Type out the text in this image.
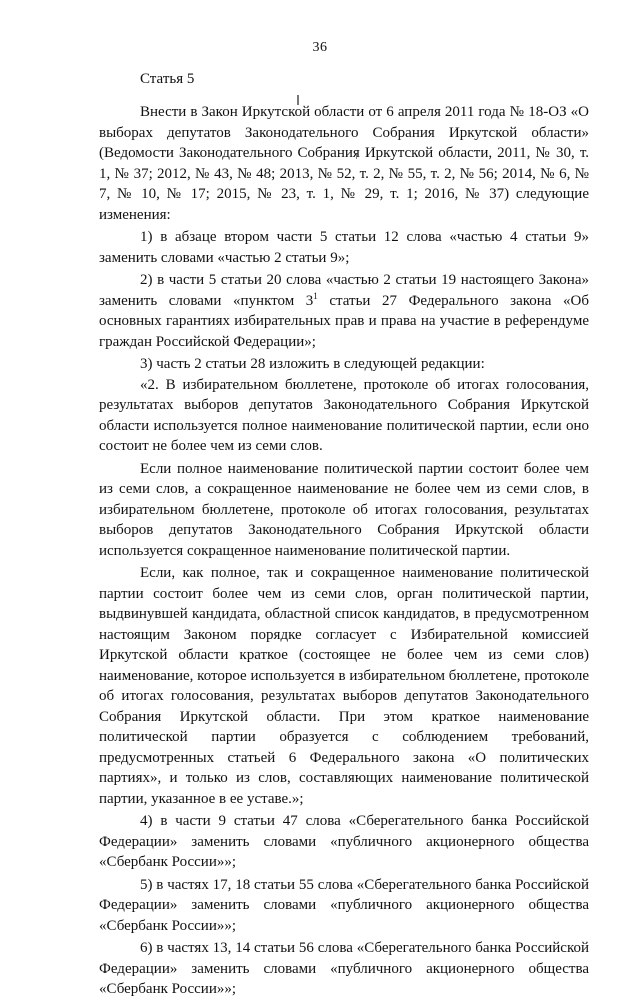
36
Статья 5

Внести в Закон Иркутской области от 6 апреля 2011 года № 18-ОЗ «О выборах депутатов Законодательного Собрания Иркутской области» (Ведомости Законодательного Собрания Иркутской области, 2011, № 30, т. 1, № 37; 2012, № 43, № 48; 2013, № 52, т. 2, № 55, т. 2, № 56; 2014, № 6, № 7, № 10, № 17; 2015, № 23, т. 1, № 29, т. 1; 2016, № 37) следующие изменения:

1) в абзаце втором части 5 статьи 12 слова «частью 4 статьи 9» заменить словами «частью 2 статьи 9»;

2) в части 5 статьи 20 слова «частью 2 статьи 19 настоящего Закона» заменить словами «пунктом $3^1$ статьи 27 Федерального закона «Об основных гарантиях избирательных прав и права на участие в референдуме граждан Российской Федерации»;

3) часть 2 статьи 28 изложить в следующей редакции:

«2. В избирательном бюллетене, протоколе об итогах голосования, результатах выборов депутатов Законодательного Собрания Иркутской области используется полное наименование политической партии, если оно состоит не более чем из семи слов.

Если полное наименование политической партии состоит более чем из семи слов, а сокращенное наименование не более чем из семи слов, в избирательном бюллетене, протоколе об итогах голосования, результатах выборов депутатов Законодательного Собрания Иркутской области используется сокращенное наименование политической партии.

Если, как полное, так и сокращенное наименование политической партии состоит более чем из семи слов, орган политической партии, выдвинувшей кандидата, областной список кандидатов, в предусмотренном настоящим Законом порядке согласует с Избирательной комиссией Иркутской области краткое (состоящее не более чем из семи слов) наименование, которое используется в избирательном бюллетене, протоколе об итогах голосования, результатах выборов депутатов Законодательного Собрания Иркутской области. При этом краткое наименование политической партии образуется с соблюдением требований, предусмотренных статьей 6 Федерального закона «О политических партиях», и только из слов, составляющих наименование политической партии, указанное в ее уставе.»;

4) в части 9 статьи 47 слова «Сберегательного банка Российской Федерации» заменить словами «публичного акционерного общества «Сбербанк России»»;

5) в частях 17, 18 статьи 55 слова «Сберегательного банка Российской Федерации» заменить словами «публичного акционерного общества «Сбербанк России»»;

6) в частях 13, 14 статьи 56 слова «Сберегательного банка Российской Федерации» заменить словами «публичного акционерного общества «Сбербанк России»»;
